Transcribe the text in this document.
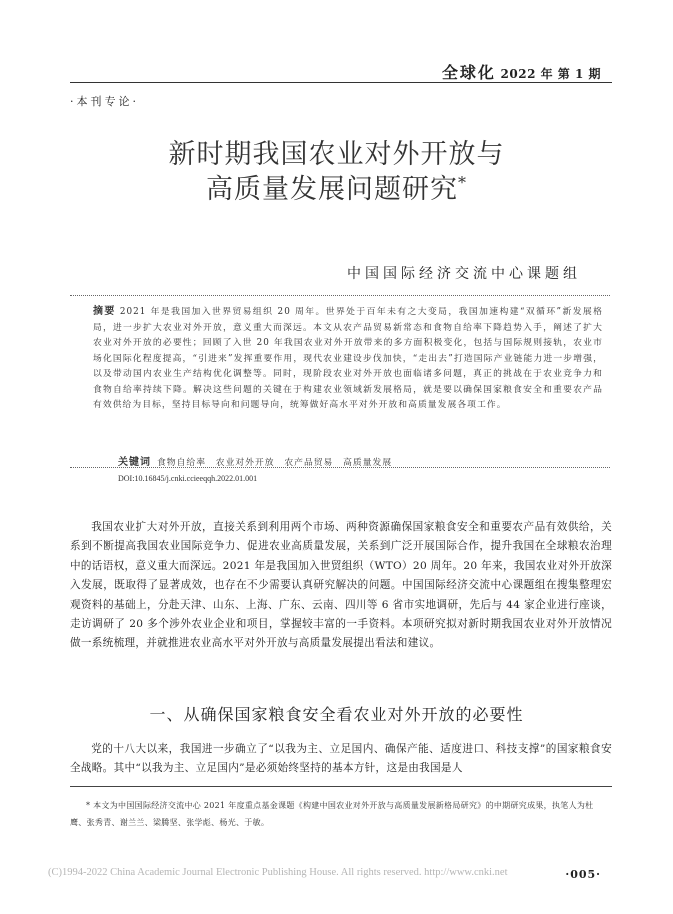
全球化 2022 年 第 1 期
·本刊专论·
新时期我国农业对外开放与
高质量发展问题研究*
中国国际经济交流中心课题组
摘要 2021 年是我国加入世界贸易组织 20 周年。世界处于百年未有之大变局，我国加速构建“双循环”新发展格局，进一步扩大农业对外开放，意义重大而深远。本文从农产品贸易新常态和食物自给率下降趋势入手，阐述了扩大农业对外开放的必要性；回顾了入世 20 年我国农业对外开放带来的多方面积极变化，包括与国际规则接轨，农业市场化国际化程度提高，“引进来”发挥重要作用，现代农业建设步伐加快，“走出去”打造国际产业链能力进一步增强，以及带动国内农业生产结构优化调整等。同时，现阶段农业对外开放也面临诸多问题，真正的挑战在于农业竞争力和食物自给率持续下降。解决这些问题的关键在于构建农业领域新发展格局，就是要以确保国家粮食安全和重要农产品有效供给为目标，坚持目标导向和问题导向，统筹做好高水平对外开放和高质量发展各项工作。
关键词 食物自给率 农业对外开放 农产品贸易 高质量发展
DOI:10.16845/j.cnki.ccieeqqh.2022.01.001
我国农业扩大对外开放，直接关系到利用两个市场、两种资源确保国家粮食安全和重要农产品有效供给，关系到不断提高我国农业国际竞争力、促进农业高质量发展，关系到广泛开展国际合作，提升我国在全球粮农治理中的话语权，意义重大而深远。2021 年是我国加入世贸组织（WTO）20 周年。20 年来，我国农业对外开放深入发展，既取得了显著成效，也存在不少需要认真研究解决的问题。中国国际经济交流中心课题组在搜集整理宏观资料的基础上，分赴天津、山东、上海、广东、云南、四川等 6 省市实地调研，先后与 44 家企业进行座谈，走访调研了 20 多个涉外农业企业和项目，掌握较丰富的一手资料。本项研究拟对新时期我国农业对外开放情况做一系统梳理，并就推进农业高水平对外开放与高质量发展提出看法和建议。
一、从确保国家粮食安全看农业对外开放的必要性
党的十八大以来，我国进一步确立了“以我为主、立足国内、确保产能、适度进口、科技支撑”的国家粮食安全战略。其中“以我为主、立足国内”是必须始终坚持的基本方针，这是由我国是人
* 本文为中国国际经济交流中心 2021 年度重点基金课题《构建中国农业对外开放与高质量发展新格局研究》的中期研究成果，执笔人为杜鹰、张秀青、谢兰兰、梁腾坚、张学彪、杨光、于敏。
(C)1994-2022 China Academic Journal Electronic Publishing House. All rights reserved. http://www.cnki.net	·005·
